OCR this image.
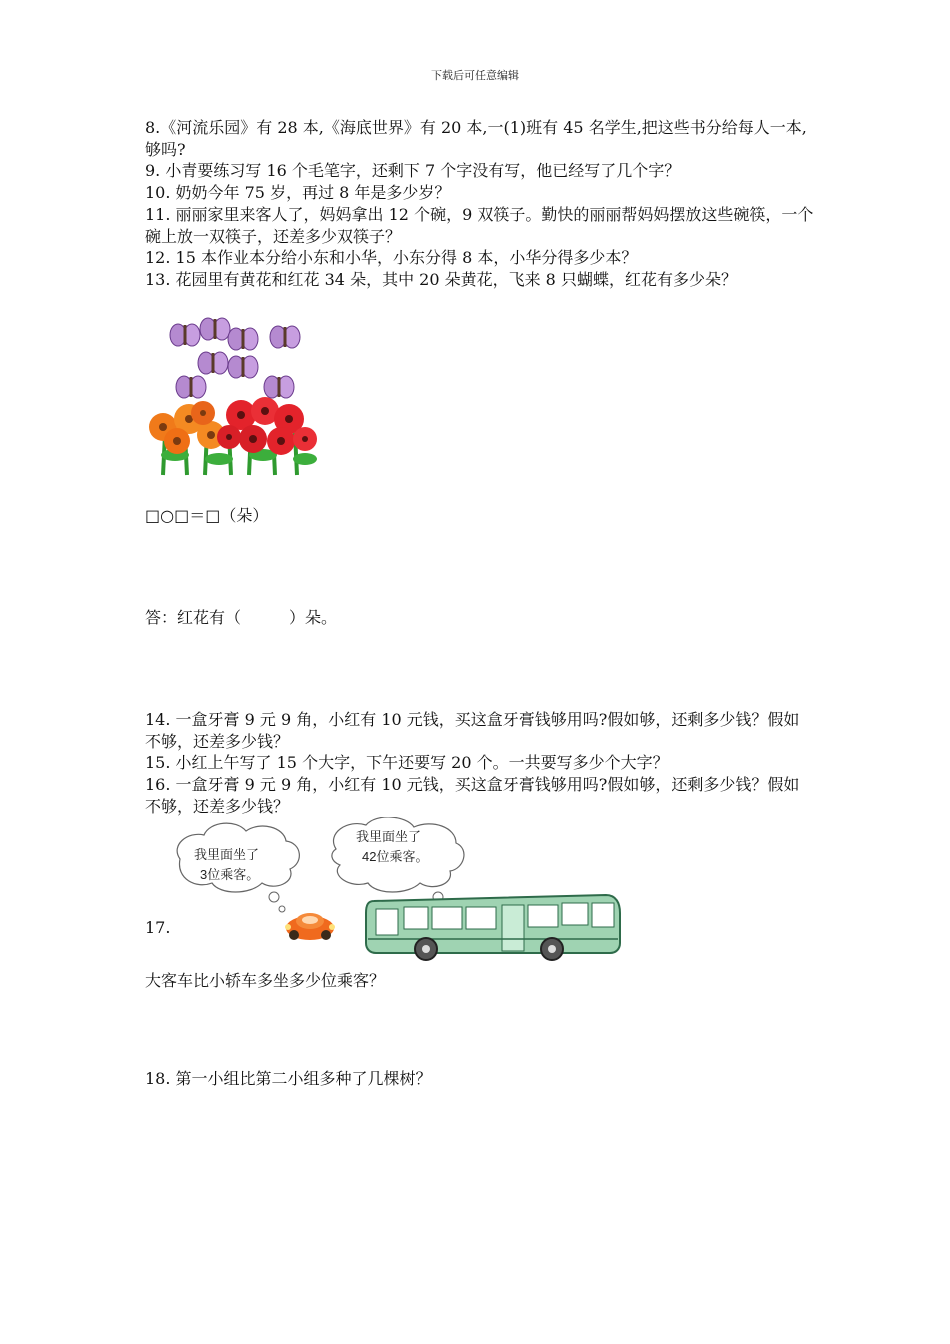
下载后可任意编辑

8.《河流乐园》有 28 本,《海底世界》有 20 本,一(1)班有 45 名学生,把这些书分给每人一本,够吗?

9. 小青要练习写 16 个毛笔字，还剩下 7 个字没有写，他已经写了几个字？

10. 奶奶今年 75 岁，再过 8 年是多少岁？

11. 丽丽家里来客人了，妈妈拿出 12 个碗，9 双筷子。勤快的丽丽帮妈妈摆放这些碗筷，一个碗上放一双筷子，还差多少双筷子？

12. 15 本作业本分给小东和小华，小东分得 8 本，小华分得多少本？

13. 花园里有黄花和红花 34 朵，其中 20 朵黄花，飞来 8 只蝴蝶，红花有多少朵？

□○□＝□（朵）

答：红花有（　　　）朵。

14. 一盒牙膏 9 元 9 角，小红有 10 元钱，买这盒牙膏钱够用吗?假如够，还剩多少钱？假如不够，还差多少钱？

15. 小红上午写了 15 个大字，下午还要写 20 个。一共要写多少个大字？

16. 一盒牙膏 9 元 9 角，小红有 10 元钱，买这盒牙膏钱够用吗?假如够，还剩多少钱？假如不够，还差多少钱？

我里面坐了
3位乘客。
我里面坐了
42位乘客。

17.

大客车比小轿车多坐多少位乘客？

18. 第一小组比第二小组多种了几棵树？
